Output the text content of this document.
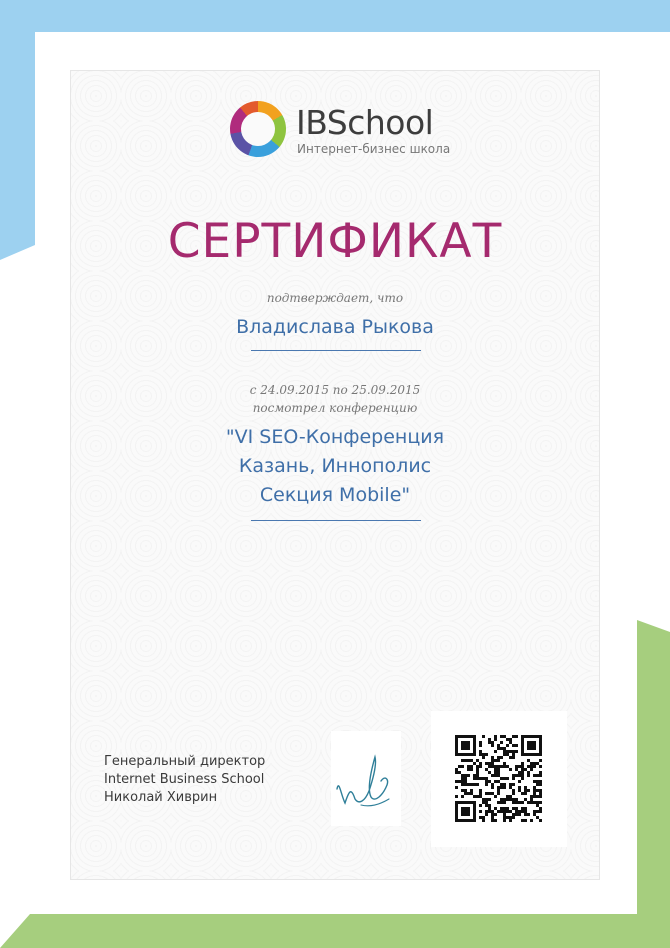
IBSchool
Интернет-бизнес школа
СЕРТИФИКАТ
подтверждает, что
Владислава Рыкова
с 24.09.2015 по 25.09.2015
посмотрел конференцию
"VI SEO-Конференция
Казань, Иннополис
Секция Mobile"
Генеральный директор
Internet Business School
Николай Хиврин
